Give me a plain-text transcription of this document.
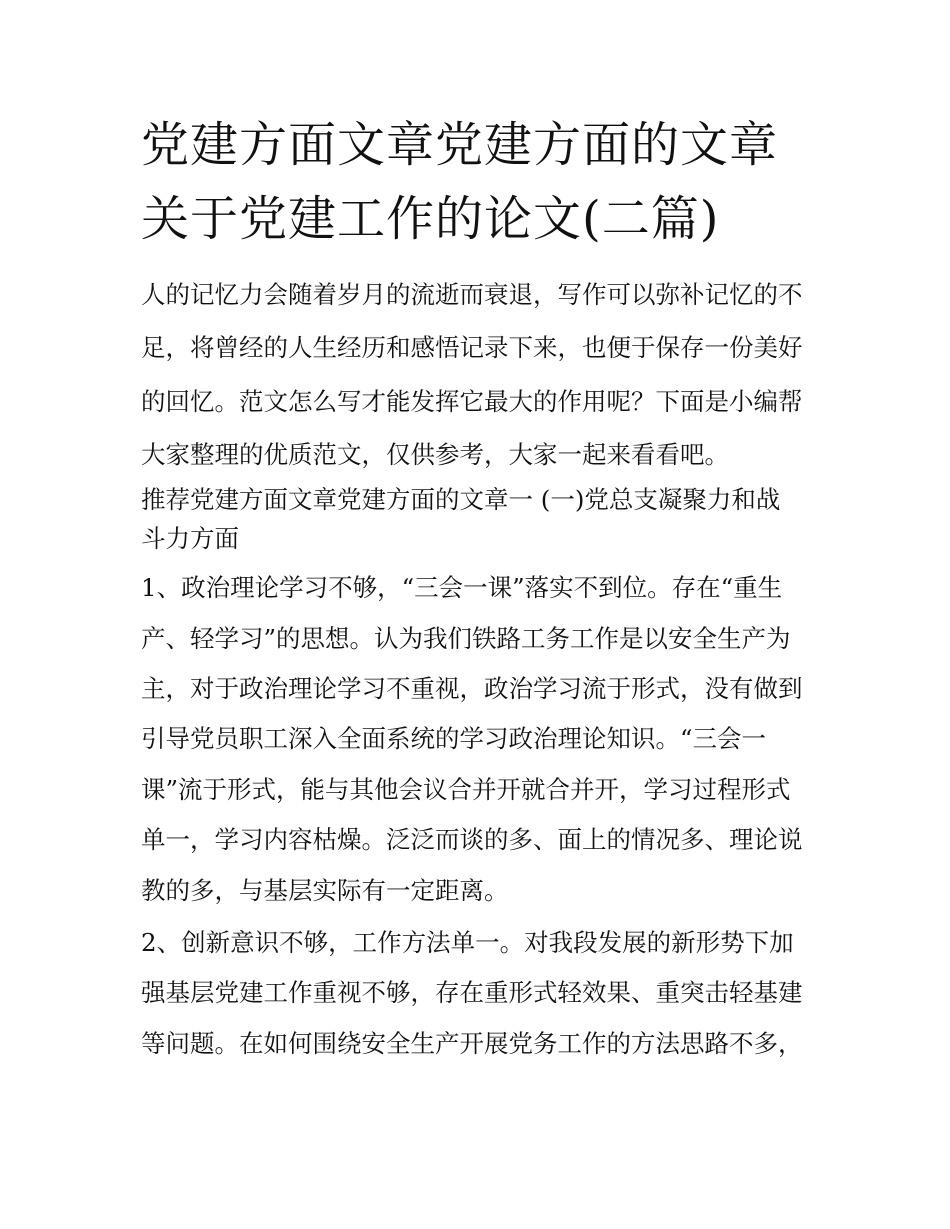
党建方面文章党建方面的文章
关于党建工作的论文(二篇)

人的记忆力会随着岁月的流逝而衰退，写作可以弥补记忆的不
足，将曾经的人生经历和感悟记录下来，也便于保存一份美好
的回忆。范文怎么写才能发挥它最大的作用呢？下面是小编帮
大家整理的优质范文，仅供参考，大家一起来看看吧。

推荐党建方面文章党建方面的文章一 (一)党总支凝聚力和战
斗力方面

1、政治理论学习不够，“三会一课”落实不到位。存在“重生
产、轻学习”的思想。认为我们铁路工务工作是以安全生产为
主，对于政治理论学习不重视，政治学习流于形式，没有做到
引导党员职工深入全面系统的学习政治理论知识。“三会一
课”流于形式，能与其他会议合并开就合并开，学习过程形式
单一，学习内容枯燥。泛泛而谈的多、面上的情况多、理论说
教的多，与基层实际有一定距离。

2、创新意识不够，工作方法单一。对我段发展的新形势下加
强基层党建工作重视不够，存在重形式轻效果、重突击轻基建
等问题。在如何围绕安全生产开展党务工作的方法思路不多，
